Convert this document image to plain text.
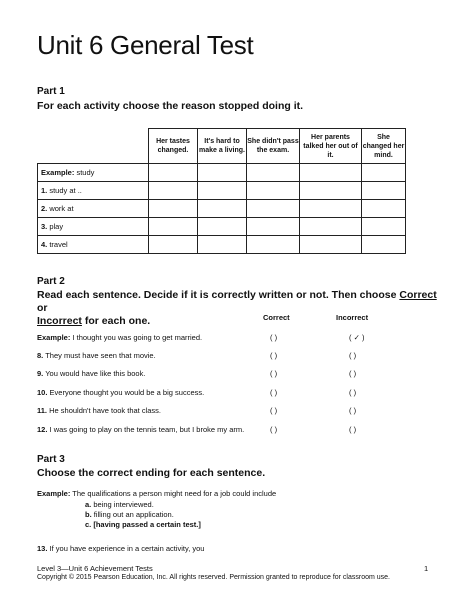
Unit 6 General Test
Part 1
For each activity choose the reason stopped doing it.
	Her tastes changed.	It's hard to make a living.	She didn't pass the exam.	Her parents talked her out of it.	She changed her mind.
Example: study					
1. study at ..					
2. work at					
3. play					
4. travel					
Part 2
Read each sentence. Decide if it is correctly written or not. Then choose Correct or
Incorrect for each one.	Correct	Incorrect
Example: I thought you was going to get married.	( )	( ✓ )
8. They must have seen that movie.	( )	( )
9. You would have like this book.	( )	( )
10. Everyone thought you would be a big success.	( )	( )
11. He shouldn't have took that class.	( )	( )
12. I was going to play on the tennis team, but I broke my arm.	( )	( )
Part 3
Choose the correct ending for each sentence.
Example: The qualifications a person might need for a job could include
a. being interviewed.
b. filling out an application.
c. [having passed a certain test.]
13. If you have experience in a certain activity, you
Level 3—Unit 6 Achievement Tests
Copyright © 2015 Pearson Education, Inc. All rights reserved. Permission granted to reproduce for classroom use.
1
